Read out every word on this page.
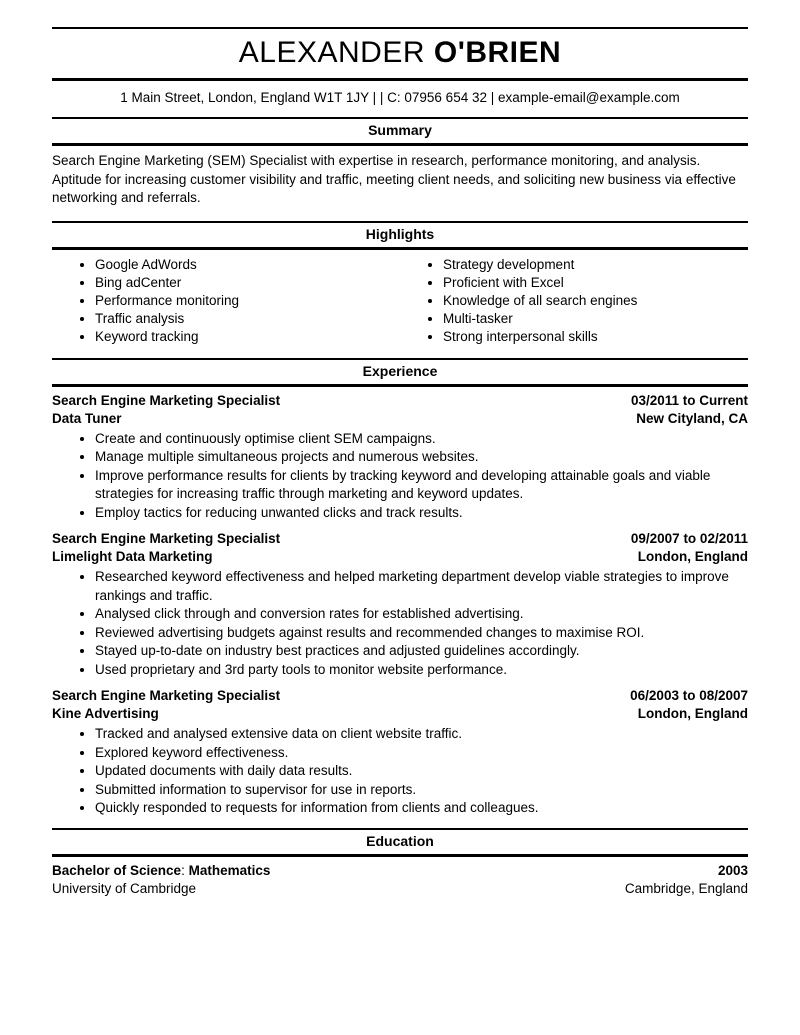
ALEXANDER O'BRIEN
1 Main Street, London, England W1T 1JY | | C: 07956 654 32 | example-email@example.com
Summary

Search Engine Marketing (SEM) Specialist with expertise in research, performance monitoring, and analysis. Aptitude for increasing customer visibility and traffic, meeting client needs, and soliciting new business via effective networking and referrals.

Highlights
• Google AdWords
• Bing adCenter
• Performance monitoring
• Traffic analysis
• Keyword tracking
• Strategy development
• Proficient with Excel
• Knowledge of all search engines
• Multi-tasker
• Strong interpersonal skills
Experience
Search Engine Marketing Specialist	03/2011 to Current
Data Tuner	New Cityland, CA
• Create and continuously optimise client SEM campaigns.
• Manage multiple simultaneous projects and numerous websites.
• Improve performance results for clients by tracking keyword and developing attainable goals and viable strategies for increasing traffic through marketing and keyword updates.
• Employ tactics for reducing unwanted clicks and track results.
Search Engine Marketing Specialist	09/2007 to 02/2011
Limelight Data Marketing	London, England
• Researched keyword effectiveness and helped marketing department develop viable strategies to improve rankings and traffic.
• Analysed click through and conversion rates for established advertising.
• Reviewed advertising budgets against results and recommended changes to maximise ROI.
• Stayed up-to-date on industry best practices and adjusted guidelines accordingly.
• Used proprietary and 3rd party tools to monitor website performance.
Search Engine Marketing Specialist	06/2003 to 08/2007
Kine Advertising	London, England
• Tracked and analysed extensive data on client website traffic.
• Explored keyword effectiveness.
• Updated documents with daily data results.
• Submitted information to supervisor for use in reports.
• Quickly responded to requests for information from clients and colleagues.
Education
Bachelor of Science: Mathematics	2003
University of Cambridge	Cambridge, England
